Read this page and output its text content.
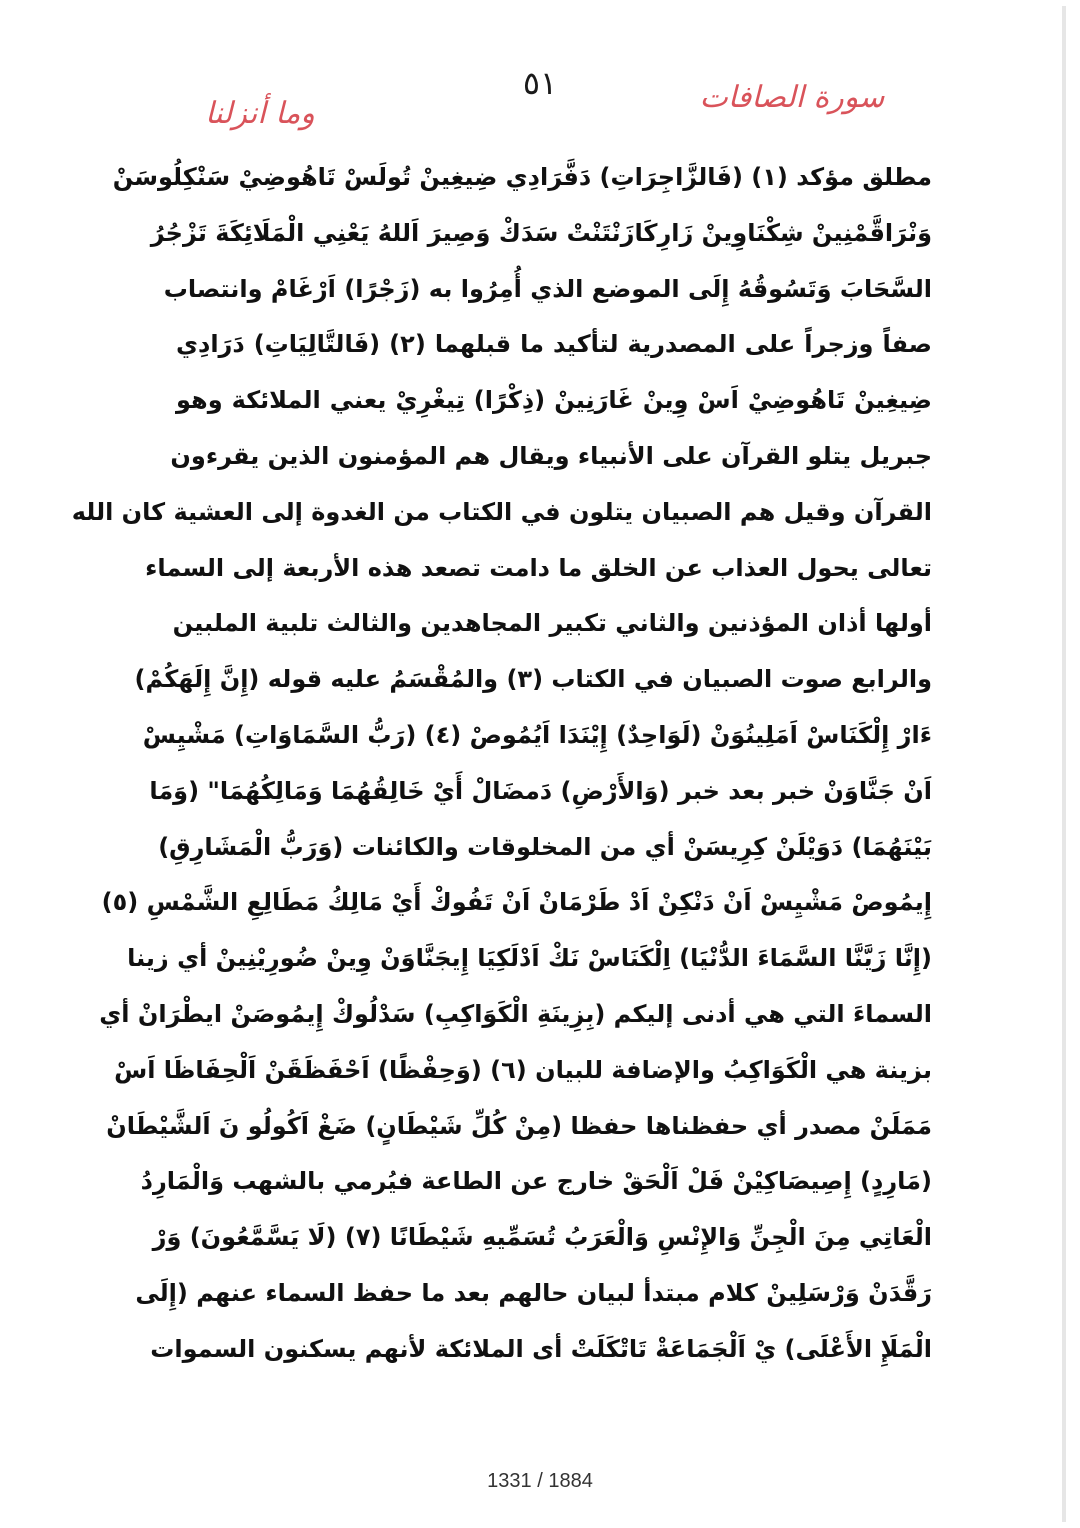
٥١	سورة الصافات
وما أنزلنا
مطلق مؤكد (١) (فَالزَّاجِرَاتِ) دَفَّرَادِي ضِيغِينْ تُولَسْ تَاهُوضِيْ سَنْكِلُوسَنْ
وَنْرَاقَّمْنِينْ شِكْنَاوِينْ زَارِكَازَنْتَنْتْ سَدَكْ وَصِيرَ اَللهُ يَعْنِي الْمَلَائِكَةَ تَزْجُرُ
السَّحَابَ وَتَسُوقُهُ إِلَى الموضع الذي أُمِرُوا به (زَجْرًا) اَرْغَامْ وانتصاب
صفاً وزجراً على المصدرية لتأكيد ما قبلهما (٢) (فَالتَّالِيَاتِ) دَرَادِي
ضِيغِينْ تَاهُوضِيْ اَسْ وِينْ غَارَنِينْ (ذِكْرًا) تِيغْرِيْ يعني الملائكة وهو
جبريل يتلو القرآن على الأنبياء ويقال هم المؤمنون الذين يقرءون
القرآن وقيل هم الصبيان يتلون في الكتاب من الغدوة إلى العشية كان الله
تعالى يحول العذاب عن الخلق ما دامت تصعد هذه الأربعة إلى السماء
أولها أذان المؤذنين والثاني تكبير المجاهدين والثالث تلبية الملبين
والرابع صوت الصبيان في الكتاب (٣) والمُقْسَمُ عليه قوله (إِنَّ إِلَهَكُمْ)
ءَارْ إِلْكَنَاسْ اَمَلِينُوَنْ (لَوَاحِدٌ) إِيْنَدَا اَيُمُوصْ (٤) (رَبُّ السَّمَاوَاتِ) مَشْيِسْ
اَنْ جَنَّاوَنْ خبر بعد خبر (وَالأَرْضِ) دَمضَالْ أَيْ خَالِقُهُمَا وَمَالِكُهُمَا" (وَمَا
بَيْنَهُمَا) دَوَيْلَنْ كِرِيسَنْ أي من المخلوقات والكائنات (وَرَبُّ الْمَشَارِقِ)
إِيمُوصْ مَشْيِسْ اَنْ دَنْكِنْ اَدْ طَرْمَانْ اَنْ تَفُوكْ أَيْ مَالِكُ مَطَالِعِ الشَّمْسِ (٥)
(إِنَّا زَيَّنَّا السَّمَاءَ الدُّنْيَا) اِلْكَنَاسْ نَكْ اَدْلَكِيَا إِيجَنَّاوَنْ وِينْ ضُورِيْنِينْ أي زينا
السماءَ التي هي أدنى إليكم (بِزِينَةِ الْكَوَاكِبِ) سَدْلُوكْ إِيمُوصَنْ ايطْرَانْ أي
بزينة هي الْكَوَاكِبُ والإضافة للبيان (٦) (وَحِفْظًا) اَحْفَظَقَنْ اَلْحِفَاظَا اَسْ
مَمَلَنْ مصدر أي حفظناها حفظا (مِنْ كُلِّ شَيْطَانٍ) ضَغْ اَكُولُو نَ اَلشَّيْطَانْ
(مَارِدٍ) إِصِيصَاكِيْنْ فَلْ اَلْحَقْ خارج عن الطاعة فيُرمي بالشهب وَالْمَارِدُ
الْعَاتِي مِنَ الْجِنِّ وَالإِنْسِ وَالْعَرَبُ تُسَمِّيهِ شَيْطَانًا (٧) (لَا يَسَّمَّعُونَ) وَرْ
رَقَّدَنْ وَرْسَلِينْ كلام مبتدأ لبيان حالهم بعد ما حفظ السماء عنهم (إِلَى
الْمَلَإِ الأَعْلَى) يْ اَلْجَمَاعَةْ تَاتْكَلَتْ أى الملائكة لأنهم يسكنون السموات
1331 / 1884
